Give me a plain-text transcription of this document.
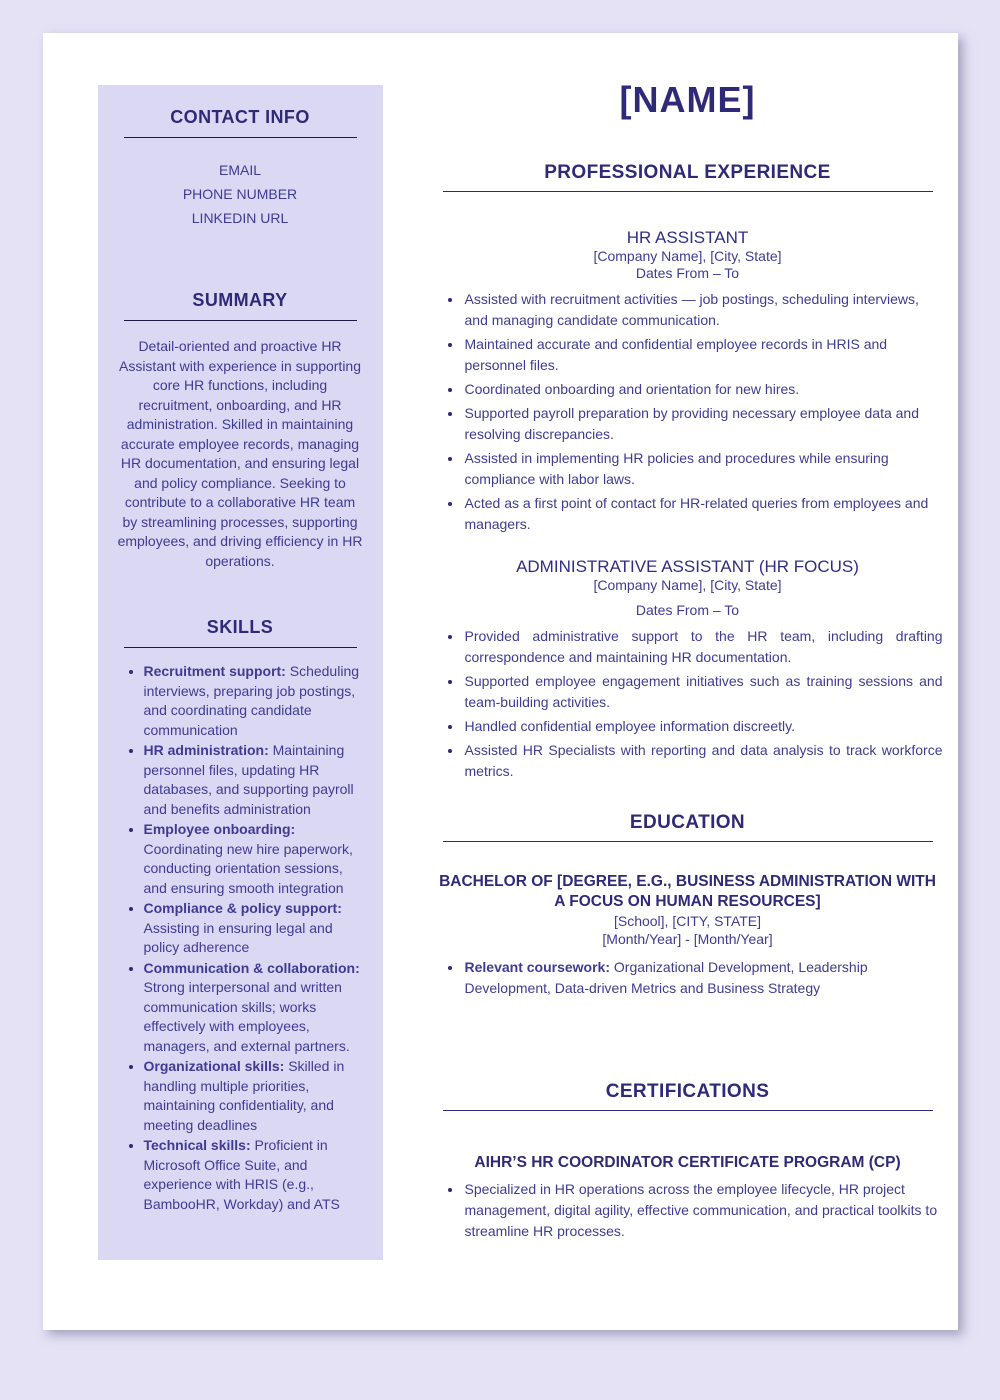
CONTACT INFO
EMAIL
PHONE NUMBER
LINKEDIN URL
SUMMARY

Detail-oriented and proactive HR Assistant with experience in supporting core HR functions, including recruitment, onboarding, and HR administration. Skilled in maintaining accurate employee records, managing HR documentation, and ensuring legal and policy compliance. Seeking to contribute to a collaborative HR team by streamlining processes, supporting employees, and driving efficiency in HR operations.

SKILLS
• Recruitment support: Scheduling interviews, preparing job postings, and coordinating candidate communication
• HR administration: Maintaining personnel files, updating HR databases, and supporting payroll and benefits administration
• Employee onboarding: Coordinating new hire paperwork, conducting orientation sessions, and ensuring smooth integration
• Compliance & policy support: Assisting in ensuring legal and policy adherence
• Communication & collaboration: Strong interpersonal and written communication skills; works effectively with employees, managers, and external partners.
• Organizational skills: Skilled in handling multiple priorities, maintaining confidentiality, and meeting deadlines
• Technical skills: Proficient in Microsoft Office Suite, and experience with HRIS (e.g., BambooHR, Workday) and ATS
[NAME]
PROFESSIONAL EXPERIENCE
HR ASSISTANT
[Company Name], [City, State]
Dates From – To
• Assisted with recruitment activities — job postings, scheduling interviews, and managing candidate communication.
• Maintained accurate and confidential employee records in HRIS and personnel files.
• Coordinated onboarding and orientation for new hires.
• Supported payroll preparation by providing necessary employee data and resolving discrepancies.
• Assisted in implementing HR policies and procedures while ensuring compliance with labor laws.
• Acted as a first point of contact for HR-related queries from employees and managers.
ADMINISTRATIVE ASSISTANT (HR FOCUS)
[Company Name], [City, State]
Dates From – To
• Provided administrative support to the HR team, including drafting correspondence and maintaining HR documentation.
• Supported employee engagement initiatives such as training sessions and team-building activities.
• Handled confidential employee information discreetly.
• Assisted HR Specialists with reporting and data analysis to track workforce metrics.
EDUCATION
BACHELOR OF [DEGREE, E.G., BUSINESS ADMINISTRATION WITH A FOCUS ON HUMAN RESOURCES]
[School], [CITY, STATE]
[Month/Year] - [Month/Year]
• Relevant coursework: Organizational Development, Leadership Development, Data-driven Metrics and Business Strategy
CERTIFICATIONS
AIHR’S HR COORDINATOR CERTIFICATE PROGRAM (CP)
• Specialized in HR operations across the employee lifecycle, HR project management, digital agility, effective communication, and practical toolkits to streamline HR processes.
